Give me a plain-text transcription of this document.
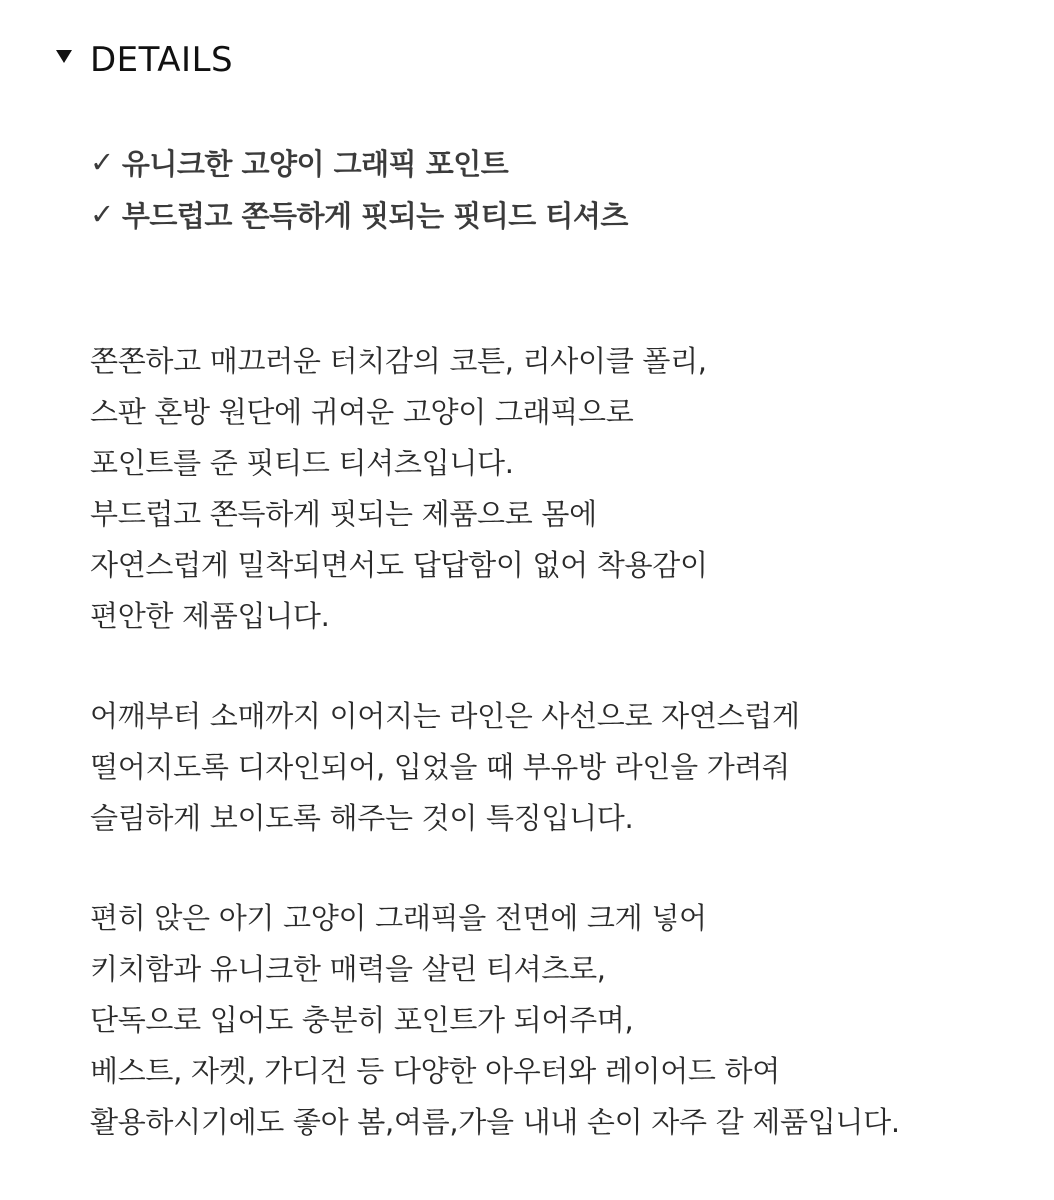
DETAILS
✓ 유니크한 고양이 그래픽 포인트
✓ 부드럽고 쫀득하게 핏되는 핏티드 티셔츠
쫀쫀하고 매끄러운 터치감의 코튼, 리사이클 폴리,
스판 혼방 원단에 귀여운 고양이 그래픽으로
포인트를 준 핏티드 티셔츠입니다.
부드럽고 쫀득하게 핏되는 제품으로 몸에
자연스럽게 밀착되면서도 답답함이 없어 착용감이
편안한 제품입니다.
어깨부터 소매까지 이어지는 라인은 사선으로 자연스럽게
떨어지도록 디자인되어, 입었을 때 부유방 라인을 가려줘
슬림하게 보이도록 해주는 것이 특징입니다.
편히 앉은 아기 고양이 그래픽을 전면에 크게 넣어
키치함과 유니크한 매력을 살린 티셔츠로,
단독으로 입어도 충분히 포인트가 되어주며,
베스트, 자켓, 가디건 등 다양한 아우터와 레이어드 하여
활용하시기에도 좋아 봄,여름,가을 내내 손이 자주 갈 제품입니다.
